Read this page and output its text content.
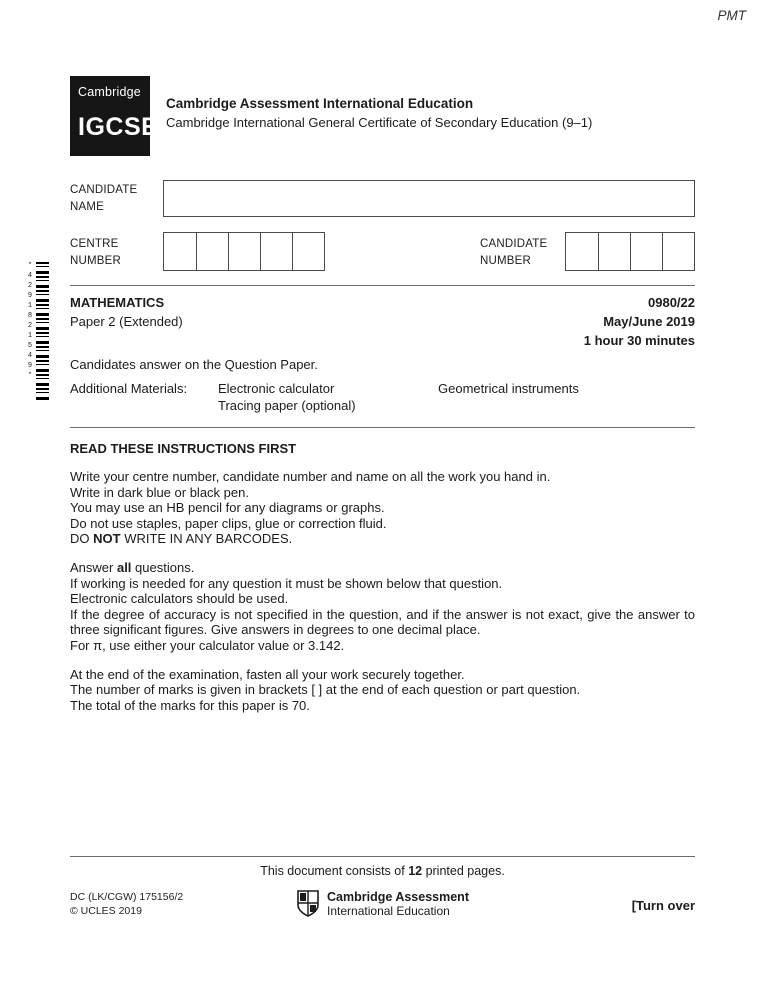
PMT
*4291821549*
Cambridge
IGCSE
Cambridge Assessment International Education
Cambridge International General Certificate of Secondary Education (9–1)
CANDIDATE
NAME
CENTRE
NUMBER
CANDIDATE
NUMBER
MATHEMATICS	0980/22
Paper 2 (Extended)	May/June 2019
1 hour 30 minutes
Candidates answer on the Question Paper.
Additional Materials:	Electronic calculator	Geometrical instruments
Tracing paper (optional)
READ THESE INSTRUCTIONS FIRST
Write your centre number, candidate number and name on all the work you hand in.
Write in dark blue or black pen.
You may use an HB pencil for any diagrams or graphs.
Do not use staples, paper clips, glue or correction fluid.
DO NOT WRITE IN ANY BARCODES.
Answer all questions.
If working is needed for any question it must be shown below that question.
Electronic calculators should be used.
If the degree of accuracy is not specified in the question, and if the answer is not exact, give the answer to three significant figures. Give answers in degrees to one decimal place.
For π, use either your calculator value or 3.142.
At the end of the examination, fasten all your work securely together.
The number of marks is given in brackets [ ] at the end of each question or part question.
The total of the marks for this paper is 70.
This document consists of 12 printed pages.
DC (LK/CGW) 175156/2
© UCLES 2019
Cambridge Assessment
International Education	[Turn over
